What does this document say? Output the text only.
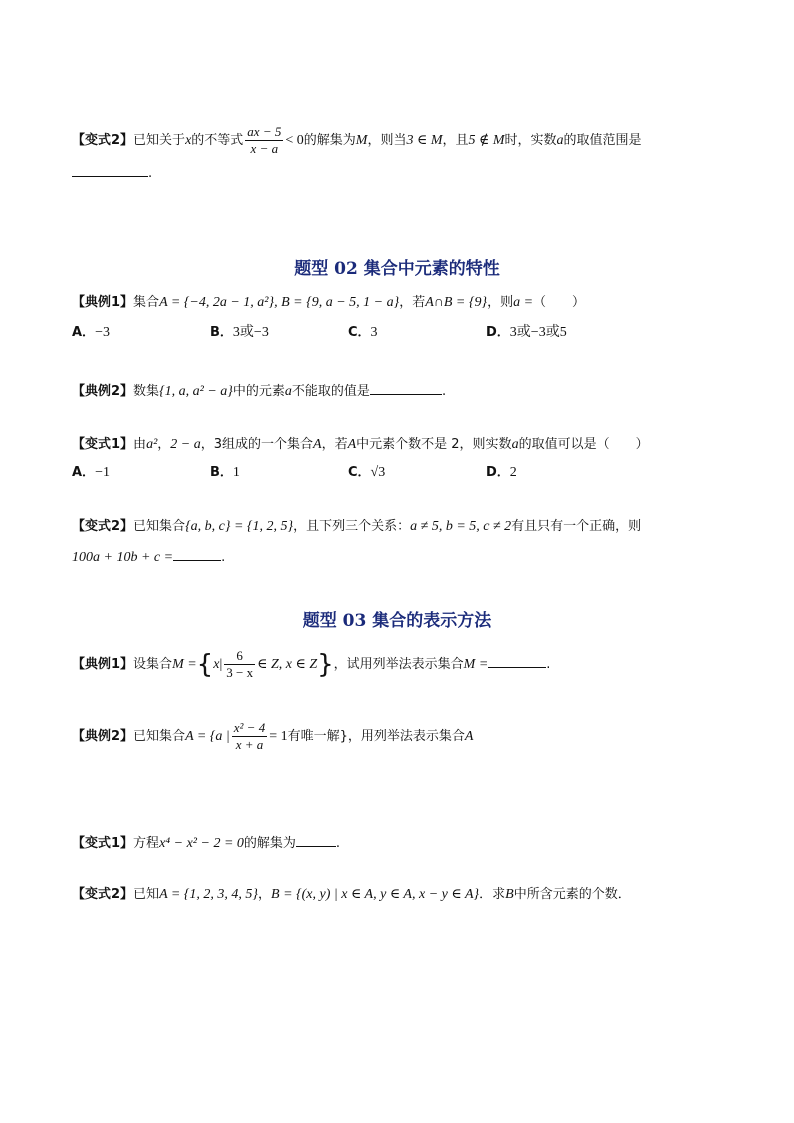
【变式2】已知关于x的不等式 $\frac{ax - 5}{x - a} < 0$的解集为M，则当3 ∈ M，且5 ∉ M时，实数a的取值范围是
.
题型 02 集合中元素的特性
【典例1】集合A = {−4, 2a − 1, a²}, B = {9, a − 5, 1 − a}，若A∩B = {9}，则a =（　　）
A．−3	B．3或−3	C．3	D．3或−3或5
【典例2】数集{1, a, a² − a}中的元素a不能取的值是	.
【变式1】由a²，2 − a，3组成的一个集合A，若A中元素个数不是 2，则实数a的取值可以是（　　）
A．−1	B．1	C．√3	D．2
【变式2】已知集合{a, b, c} = {1, 2, 5}，且下列三个关系：a ≠ 5, b = 5, c ≠ 2有且只有一个正确，则
100a + 10b + c =	.
题型 03 集合的表示方法
【典例1】设集合$M =\{x| \frac{6}{3 - x}$ ∈ Z, x ∈ Z}，试用列举法表示集合M =	.
【典例2】已知集合A = {a | $\frac{\text{x² − 4}}{x + a} = 1$有唯一解}，用列举法表示集合A
【变式1】方程x⁴ − x² − 2 = 0的解集为	.
【变式2】已知A = {1, 2, 3, 4, 5}，B = {(x, y) | x ∈ A, y ∈ A, x − y ∈ A}．求B中所含元素的个数．
